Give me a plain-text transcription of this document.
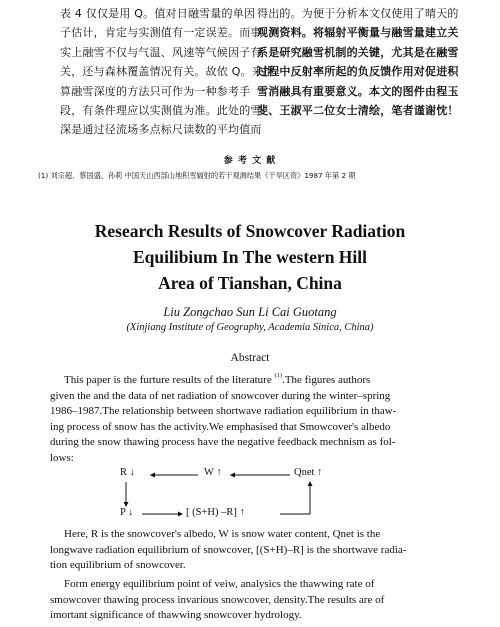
表 4 仅仅是用 Q。值对日融雪量的单因
子估计，肯定与实测值有一定误差。而事
实上融雪不仅与气温、风速等气候因子有
关，还与森林覆盖情况有关。故依 Q。来推
算融雪深度的方法只可作为一种参考手
段，有条件理应以实测值为准。此处的雪
深是通过径流场多点标尺读数的平均值而
得出的。为便于分析本文仅使用了晴天的
观测资料。将辐射平衡量与融雪量建立关
系是研究融雪机制的关键，尤其是在融雪
过程中反射率所起的负反馈作用对促进积
雪消融具有重要意义。本文的图件由程玉
斐、王淑平二位女士清绘，笔者谨谢忱！
参 考 文 献
(1) 刘宗超、蔡国盛、孙莉 中国天山西部山地积雪辐射的若干观测结果《干旱区资》1987 年第 2 期
Research Results of Snowcover Radiation
Equilibium In The western Hill
Area of Tianshan, China
Liu Zongchao Sun Li Cai Guotang
(Xinjiang Institute of Geography, Academia Sinica, China)
Abstract
This paper is the furture results of the literature $^{(1)}$.The figures authors
given the and the data of net radiation of snowcover during the winter–spring
1986–1987.The relationship between shortwave radiation equilibrium in thaw-
ing process of snow has the activity.We emphasised that Smowcover's albedo
during the snow thawing process have the negative feedback mechnism as fol-
lows:
R ↓	W ↑	Qnet ↑
P ↓	[ (S+H) –R] ↑
Here, R is the snowcover's albedo, W is snow water content, Qnet is the
longwave radiation equilibrium of snowcover, [(S+H)–R] is the shortwave radia-
tion equilibrium of snowcover.
Form energy equilibrium point of veiw, analysics the thawwing rate of
smowcover thawing process invarious snowcover, density.The results are of
imortant significance of thawwing snowcover hydrology.
